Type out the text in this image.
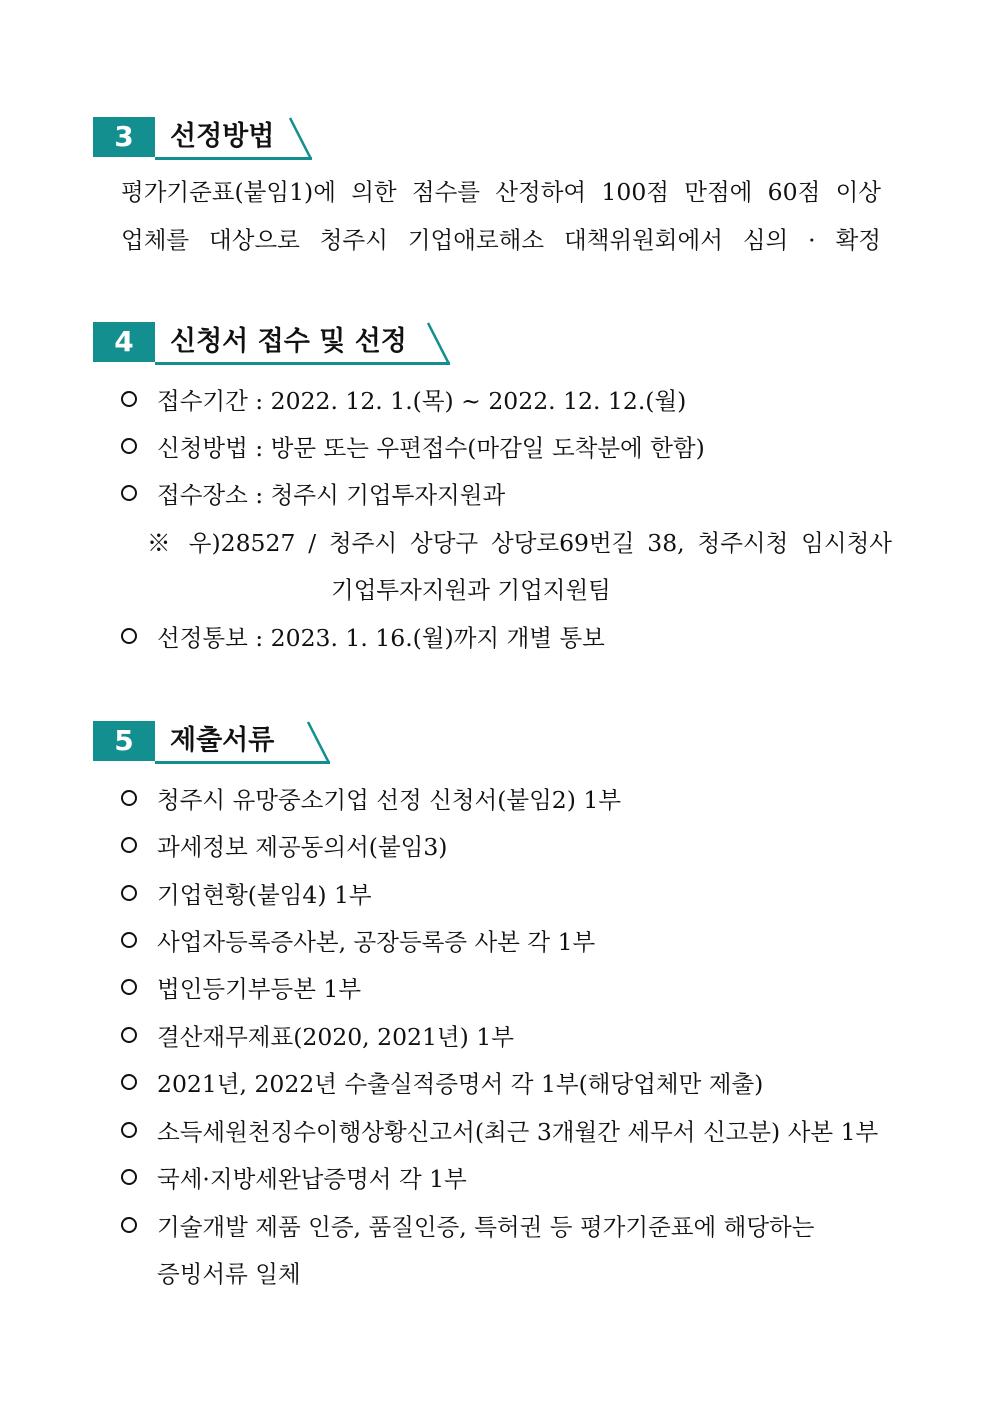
3	선정방법
평가기준표(붙임1)에 의한 점수를 산정하여 100점 만점에 60점 이상
업체를 대상으로 청주시 기업애로해소 대책위원회에서 심의 · 확정
4	신청서 접수 및 선정
접수기간 : 2022. 12. 1.(목) ~ 2022. 12. 12.(월)
신청방법 : 방문 또는 우편접수(마감일 도착분에 한함)
접수장소 : 청주시 기업투자지원과
※ 우)28527 / 청주시 상당구 상당로69번길 38, 청주시청 임시청사
기업투자지원과 기업지원팀
선정통보 : 2023. 1. 16.(월)까지 개별 통보
5	제출서류
청주시 유망중소기업 선정 신청서(붙임2) 1부
과세정보 제공동의서(붙임3)
기업현황(붙임4) 1부
사업자등록증사본, 공장등록증 사본 각 1부
법인등기부등본 1부
결산재무제표(2020, 2021년) 1부
2021년, 2022년 수출실적증명서 각 1부(해당업체만 제출)
소득세원천징수이행상황신고서(최근 3개월간 세무서 신고분) 사본 1부
국세·지방세완납증명서 각 1부
기술개발 제품 인증, 품질인증, 특허권 등 평가기준표에 해당하는
증빙서류 일체
